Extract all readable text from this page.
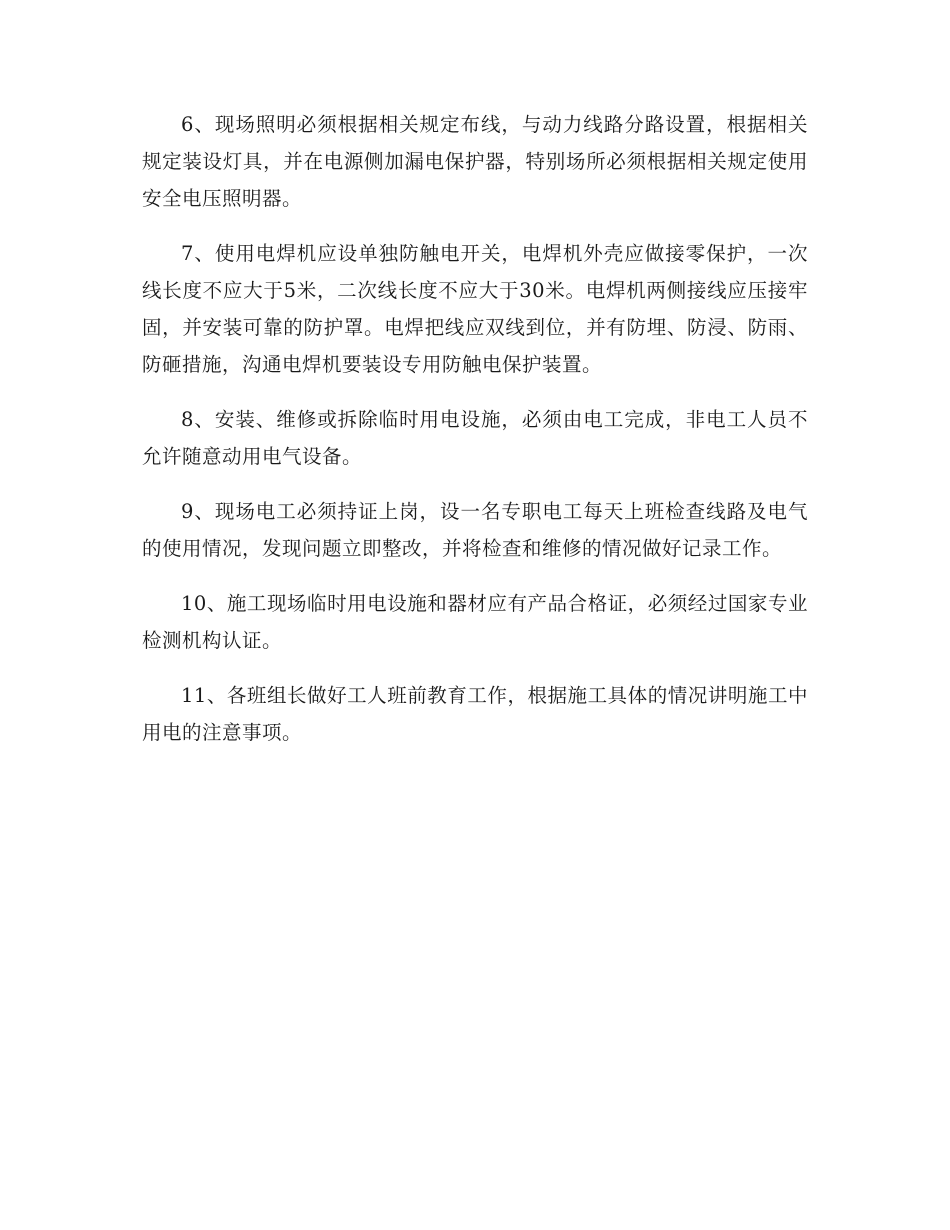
6、现场照明必须根据相关规定布线，与动力线路分路设置，根据相关规定装设灯具，并在电源侧加漏电保护器，特别场所必须根据相关规定使用安全电压照明器。

7、使用电焊机应设单独防触电开关，电焊机外壳应做接零保护，一次线长度不应大于5米，二次线长度不应大于30米。电焊机两侧接线应压接牢固，并安装可靠的防护罩。电焊把线应双线到位，并有防埋、防浸、防雨、防砸措施，沟通电焊机要装设专用防触电保护装置。

8、安装、维修或拆除临时用电设施，必须由电工完成，非电工人员不允许随意动用电气设备。

9、现场电工必须持证上岗，设一名专职电工每天上班检查线路及电气的使用情况，发现问题立即整改，并将检查和维修的情况做好记录工作。

10、施工现场临时用电设施和器材应有产品合格证，必须经过国家专业检测机构认证。

11、各班组长做好工人班前教育工作，根据施工具体的情况讲明施工中用电的注意事项。
